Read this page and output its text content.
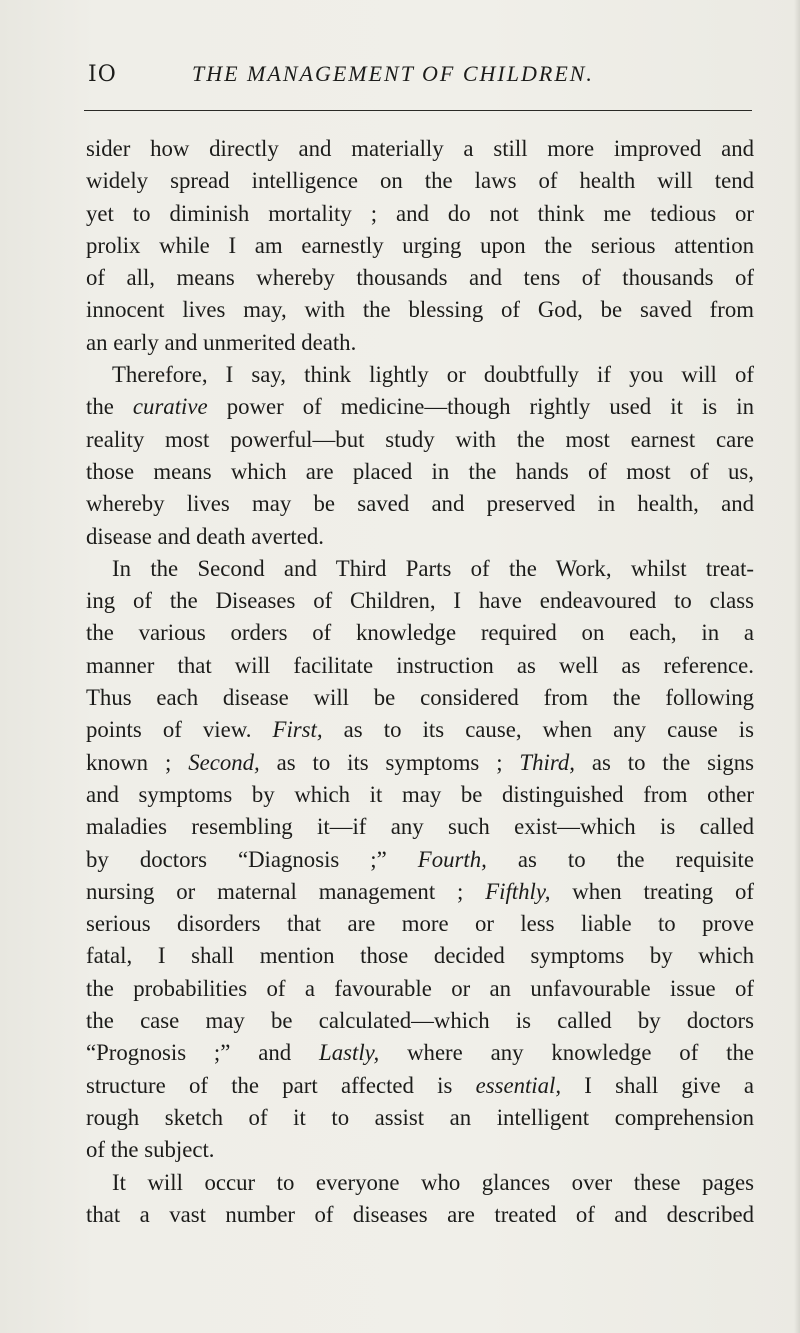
IO	THE MANAGEMENT OF CHILDREN.
sider how directly and materially a still more improved and
widely spread intelligence on the laws of health will tend
yet to diminish mortality ; and do not think me tedious or
prolix while I am earnestly urging upon the serious attention
of all, means whereby thousands and tens of thousands of
innocent lives may, with the blessing of God, be saved from
an early and unmerited death.
Therefore, I say, think lightly or doubtfully if you will of
the curative power of medicine—though rightly used it is in
reality most powerful—but study with the most earnest care
those means which are placed in the hands of most of us,
whereby lives may be saved and preserved in health, and
disease and death averted.
In the Second and Third Parts of the Work, whilst treat-
ing of the Diseases of Children, I have endeavoured to class
the various orders of knowledge required on each, in a
manner that will facilitate instruction as well as reference.
Thus each disease will be considered from the following
points of view. First, as to its cause, when any cause is
known ; Second, as to its symptoms ; Third, as to the signs
and symptoms by which it may be distinguished from other
maladies resembling it—if any such exist—which is called
by doctors “Diagnosis ;” Fourth, as to the requisite
nursing or maternal management ; Fifthly, when treating of
serious disorders that are more or less liable to prove
fatal, I shall mention those decided symptoms by which
the probabilities of a favourable or an unfavourable issue of
the case may be calculated—which is called by doctors
“Prognosis ;” and Lastly, where any knowledge of the
structure of the part affected is essential, I shall give a
rough sketch of it to assist an intelligent comprehension
of the subject.
It will occur to everyone who glances over these pages
that a vast number of diseases are treated of and described
